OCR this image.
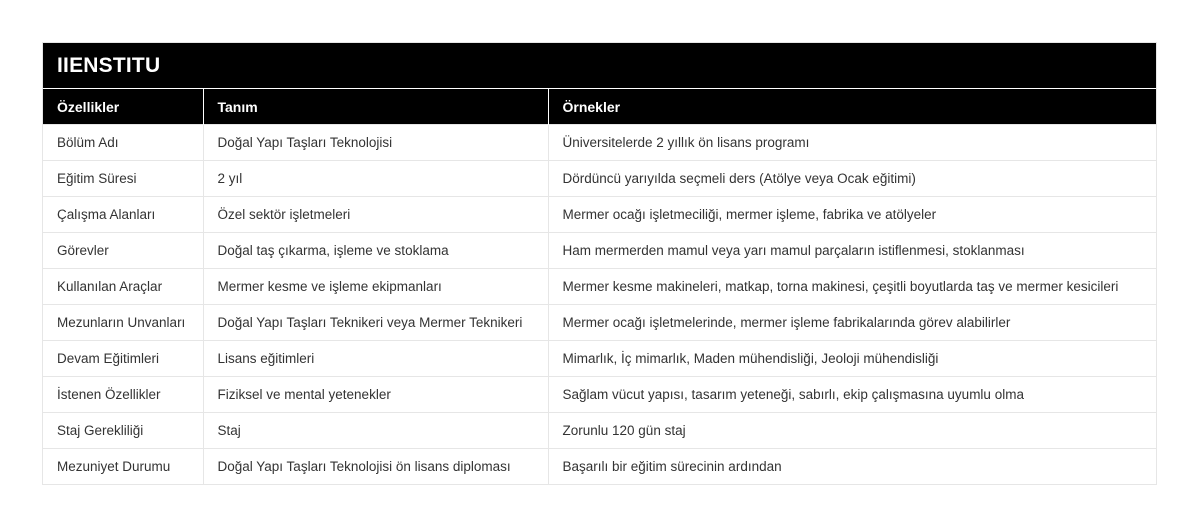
IIENSTITU
Özellikler	Tanım	Örnekler
Bölüm Adı	Doğal Yapı Taşları Teknolojisi	Üniversitelerde 2 yıllık ön lisans programı
Eğitim Süresi	2 yıl	Dördüncü yarıyılda seçmeli ders (Atölye veya Ocak eğitimi)
Çalışma Alanları	Özel sektör işletmeleri	Mermer ocağı işletmeciliği, mermer işleme, fabrika ve atölyeler
Görevler	Doğal taş çıkarma, işleme ve stoklama	Ham mermerden mamul veya yarı mamul parçaların istiflenmesi, stoklanması
Kullanılan Araçlar	Mermer kesme ve işleme ekipmanları	Mermer kesme makineleri, matkap, torna makinesi, çeşitli boyutlarda taş ve mermer kesicileri
Mezunların Unvanları	Doğal Yapı Taşları Teknikeri veya Mermer Teknikeri	Mermer ocağı işletmelerinde, mermer işleme fabrikalarında görev alabilirler
Devam Eğitimleri	Lisans eğitimleri	Mimarlık, İç mimarlık, Maden mühendisliği, Jeoloji mühendisliği
İstenen Özellikler	Fiziksel ve mental yetenekler	Sağlam vücut yapısı, tasarım yeteneği, sabırlı, ekip çalışmasına uyumlu olma
Staj Gerekliliği	Staj	Zorunlu 120 gün staj
Mezuniyet Durumu	Doğal Yapı Taşları Teknolojisi ön lisans diploması	Başarılı bir eğitim sürecinin ardından
